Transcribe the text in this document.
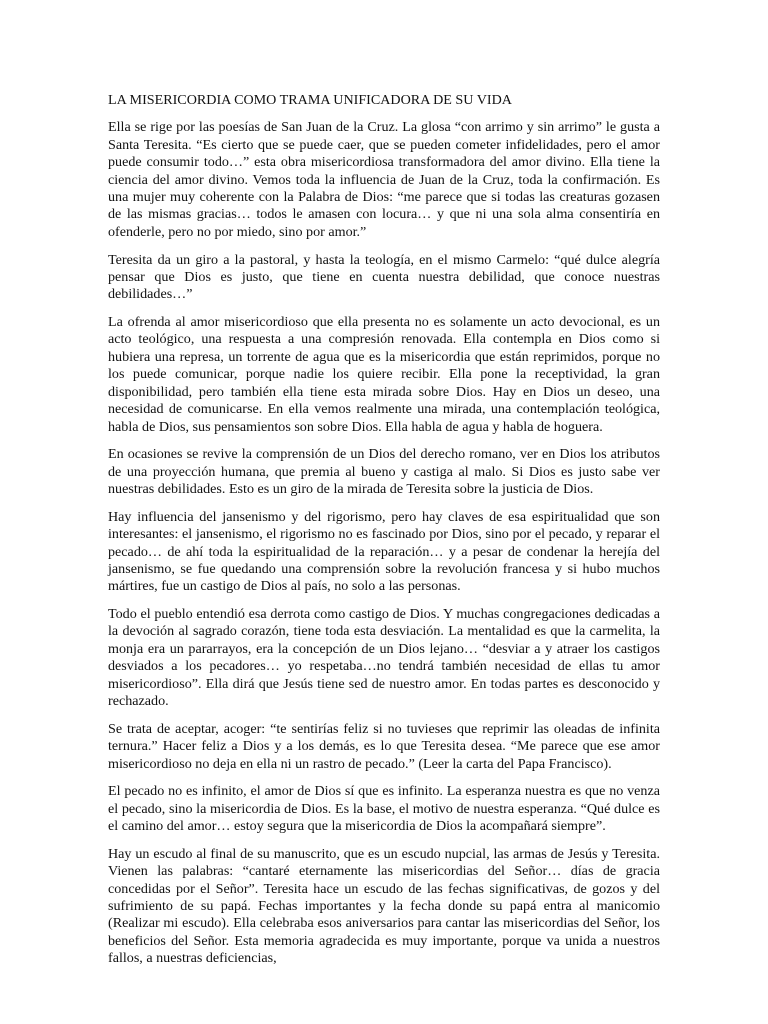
LA MISERICORDIA COMO TRAMA UNIFICADORA DE SU VIDA

Ella se rige por las poesías de San Juan de la Cruz. La glosa “con arrimo y sin arrimo” le gusta a Santa Teresita. “Es cierto que se puede caer, que se pueden cometer infidelidades, pero el amor puede consumir todo…” esta obra misericordiosa transformadora del amor divino. Ella tiene la ciencia del amor divino. Vemos toda la influencia de Juan de la Cruz, toda la confirmación. Es una mujer muy coherente con la Palabra de Dios: “me parece que si todas las creaturas gozasen de las mismas gracias… todos le amasen con locura… y que ni una sola alma consentiría en ofenderle, pero no por miedo, sino por amor.”

Teresita da un giro a la pastoral, y hasta la teología, en el mismo Carmelo: “qué dulce alegría pensar que Dios es justo, que tiene en cuenta nuestra debilidad, que conoce nuestras debilidades…”

La ofrenda al amor misericordioso que ella presenta no es solamente un acto devocional, es un acto teológico, una respuesta a una compresión renovada. Ella contempla en Dios como si hubiera una represa, un torrente de agua que es la misericordia que están reprimidos, porque no los puede comunicar, porque nadie los quiere recibir. Ella pone la receptividad, la gran disponibilidad, pero también ella tiene esta mirada sobre Dios. Hay en Dios un deseo, una necesidad de comunicarse. En ella vemos realmente una mirada, una contemplación teológica, habla de Dios, sus pensamientos son sobre Dios. Ella habla de agua y habla de hoguera.

En ocasiones se revive la comprensión de un Dios del derecho romano, ver en Dios los atributos de una proyección humana, que premia al bueno y castiga al malo. Si Dios es justo sabe ver nuestras debilidades. Esto es un giro de la mirada de Teresita sobre la justicia de Dios.

Hay influencia del jansenismo y del rigorismo, pero hay claves de esa espiritualidad que son interesantes: el jansenismo, el rigorismo no es fascinado por Dios, sino por el pecado, y reparar el pecado… de ahí toda la espiritualidad de la reparación… y a pesar de condenar la herejía del jansenismo, se fue quedando una comprensión sobre la revolución francesa y si hubo muchos mártires, fue un castigo de Dios al país, no solo a las personas.

Todo el pueblo entendió esa derrota como castigo de Dios. Y muchas congregaciones dedicadas a la devoción al sagrado corazón, tiene toda esta desviación. La mentalidad es que la carmelita, la monja era un pararrayos, era la concepción de un Dios lejano… “desviar a y atraer los castigos desviados a los pecadores… yo respetaba…no tendrá también necesidad de ellas tu amor misericordioso”. Ella dirá que Jesús tiene sed de nuestro amor. En todas partes es desconocido y rechazado.

Se trata de aceptar, acoger: “te sentirías feliz si no tuvieses que reprimir las oleadas de infinita ternura.” Hacer feliz a Dios y a los demás, es lo que Teresita desea. “Me parece que ese amor misericordioso no deja en ella ni un rastro de pecado.” (Leer la carta del Papa Francisco).

El pecado no es infinito, el amor de Dios sí que es infinito. La esperanza nuestra es que no venza el pecado, sino la misericordia de Dios. Es la base, el motivo de nuestra esperanza. “Qué dulce es el camino del amor… estoy segura que la misericordia de Dios la acompañará siempre”.

Hay un escudo al final de su manuscrito, que es un escudo nupcial, las armas de Jesús y Teresita. Vienen las palabras: “cantaré eternamente las misericordias del Señor… días de gracia concedidas por el Señor”. Teresita hace un escudo de las fechas significativas, de gozos y del sufrimiento de su papá. Fechas importantes y la fecha donde su papá entra al manicomio (Realizar mi escudo). Ella celebraba esos aniversarios para cantar las misericordias del Señor, los beneficios del Señor. Esta memoria agradecida es muy importante, porque va unida a nuestros fallos, a nuestras deficiencias,
